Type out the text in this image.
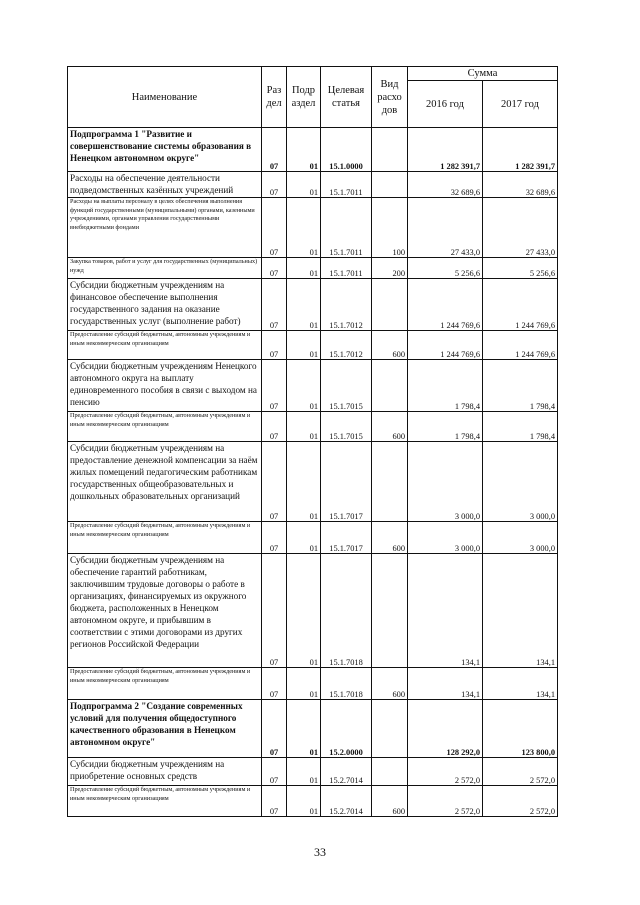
Наименование	Раз дел	Подр аздел	Целевая статья	Вид расхо дов	Сумма	
					2016 год	2017 год
Подпрограмма 1 "Развитие и совершенствование системы образования в Ненецком автономном округе"	07	01	15.1.0000		1 282 391,7	1 282 391,7
Расходы на обеспечение деятельности подведомственных казённых учреждений	07	01	15.1.7011		32 689,6	32 689,6
Расходы на выплаты персоналу в целях обеспечения выполнения функций государственными (муниципальными) органами, казенными учреждениями, органами управления государственными внебюджетными фондами	07	01	15.1.7011	100	27 433,0	27 433,0
Закупка товаров, работ и услуг для государственных (муниципальных) нужд	07	01	15.1.7011	200	5 256,6	5 256,6
Субсидии бюджетным учреждениям на финансовое обеспечение выполнения государственного задания на оказание государственных услуг (выполнение работ)	07	01	15.1.7012		1 244 769,6	1 244 769,6
Предоставление субсидий бюджетным, автономным учреждениям и иным некоммерческим организациям	07	01	15.1.7012	600	1 244 769,6	1 244 769,6
Субсидии бюджетным учреждениям Ненецкого автономного округа на выплату единовременного пособия в связи с выходом на пенсию	07	01	15.1.7015		1 798,4	1 798,4
Предоставление субсидий бюджетным, автономным учреждениям и иным некоммерческим организациям	07	01	15.1.7015	600	1 798,4	1 798,4
Субсидии бюджетным учреждениям на предоставление денежной компенсации за наём жилых помещений педагогическим работникам государственных общеобразовательных и дошкольных образовательных организаций	07	01	15.1.7017		3 000,0	3 000,0
Предоставление субсидий бюджетным, автономным учреждениям и иным некоммерческим организациям	07	01	15.1.7017	600	3 000,0	3 000,0
Субсидии бюджетным учреждениям на обеспечение гарантий работникам, заключившим трудовые договоры о работе в организациях, финансируемых из окружного бюджета, расположенных в Ненецком автономном округе, и прибывшим в соответствии с этими договорами из других регионов Российской Федерации	07	01	15.1.7018		134,1	134,1
Предоставление субсидий бюджетным, автономным учреждениям и иным некоммерческим организациям	07	01	15.1.7018	600	134,1	134,1
Подпрограмма 2 "Создание современных условий для получения общедоступного качественного образования в Ненецком автономном округе"	07	01	15.2.0000		128 292,0	123 800,0
Субсидии бюджетным учреждениям на приобретение основных средств	07	01	15.2.7014		2 572,0	2 572,0
Предоставление субсидий бюджетным, автономным учреждениям и иным некоммерческим организациям	07	01	15.2.7014	600	2 572,0	2 572,0
33
